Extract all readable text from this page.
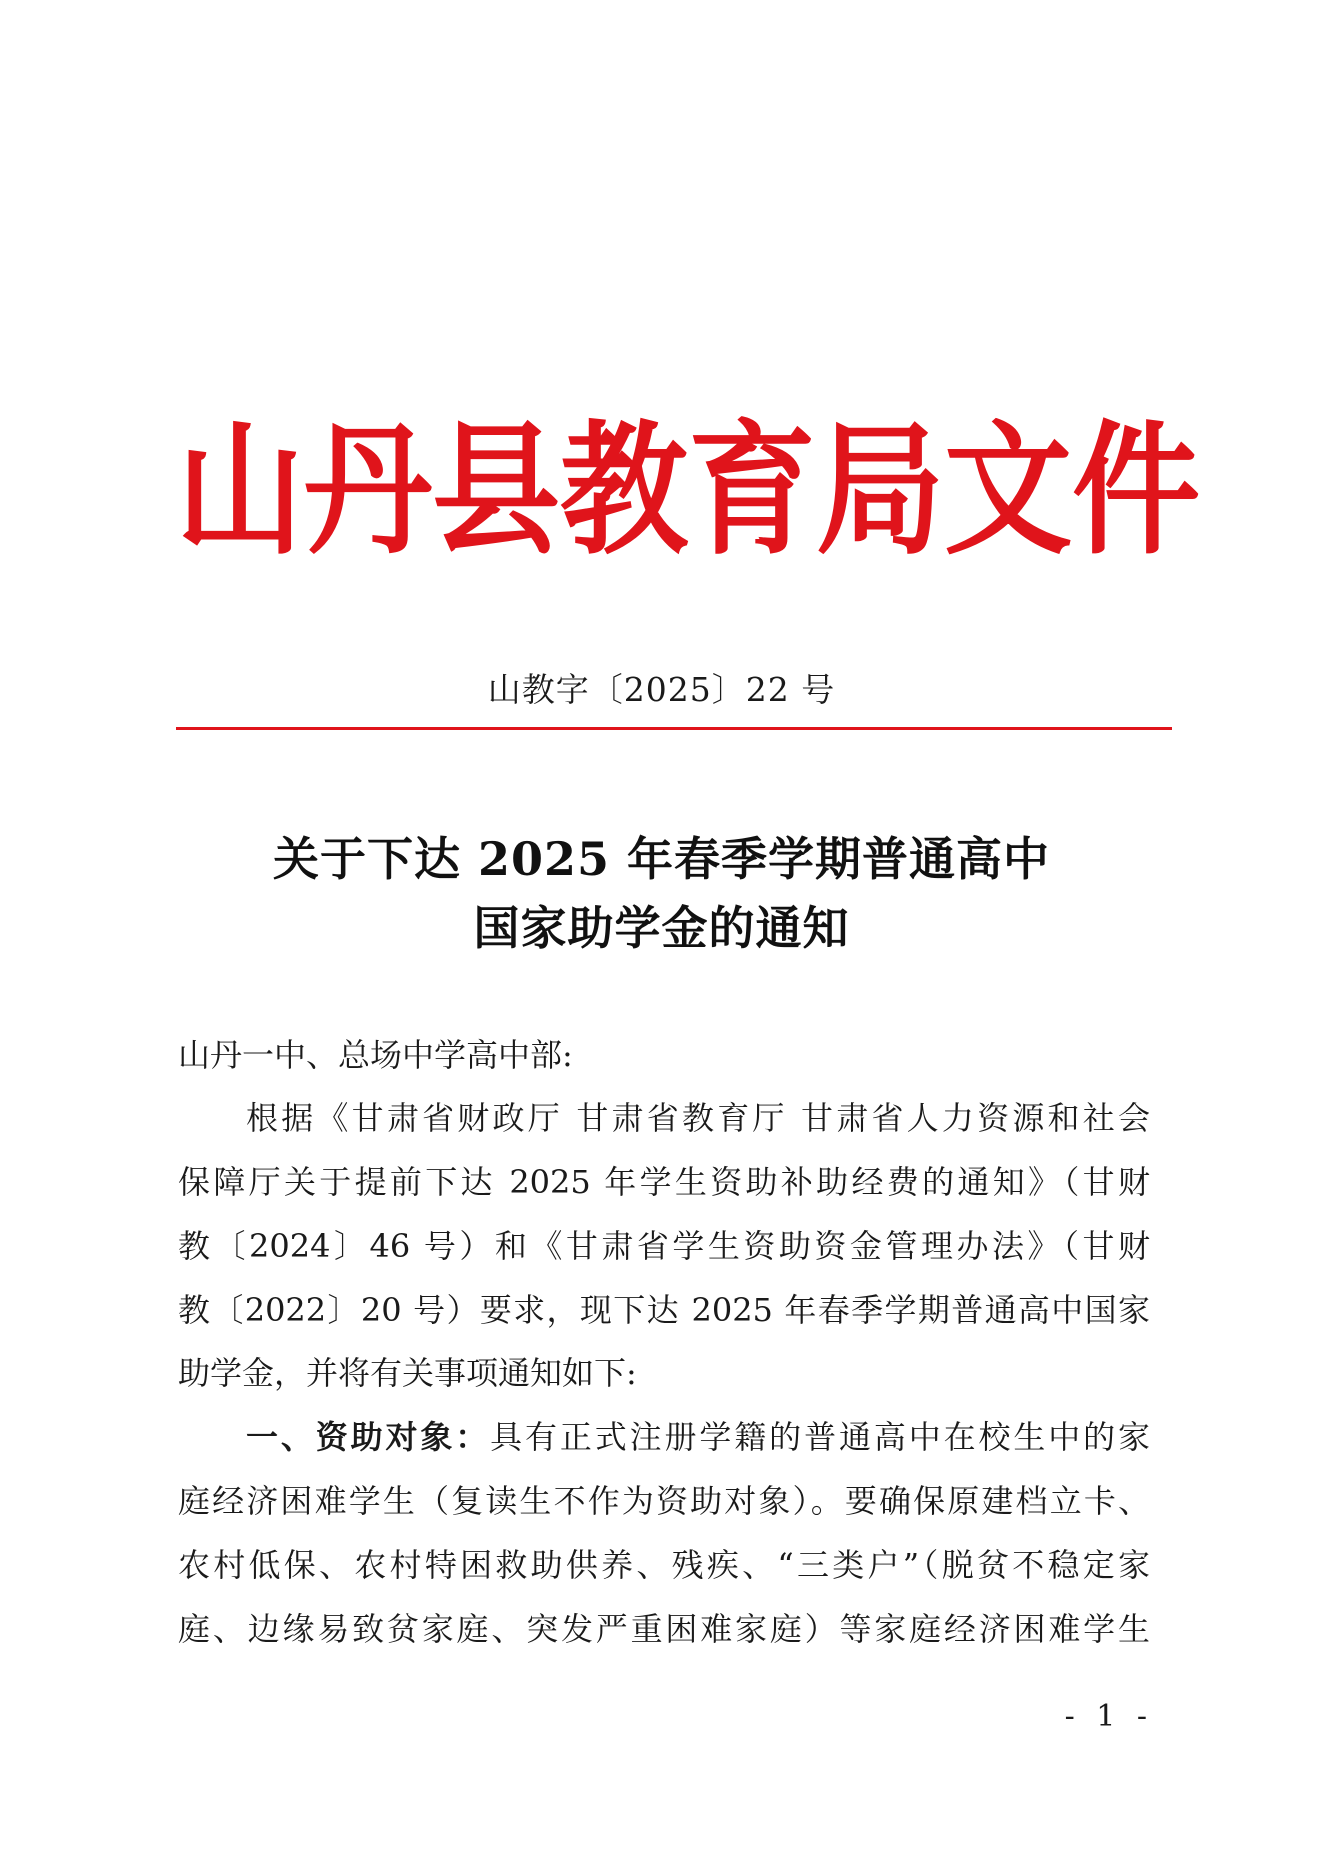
山 丹 县 教 育 局 文 件
山教字〔2025〕22 号
关于下达 2025 年春季学期普通高中
国家助学金的通知
山丹一中、总场中学高中部:
根据《甘肃省财政厅 甘肃省教育厅 甘肃省人力资源和社会
保障厅关于提前下达 2025 年学生资助补助经费的通知》（甘财
教〔2024〕46 号）和《甘肃省学生资助资金管理办法》（甘财
教〔2022〕20 号）要求，现下达 2025 年春季学期普通高中国家
助学金，并将有关事项通知如下:
一、资助对象：具有正式注册学籍的普通高中在校生中的家
庭经济困难学生（复读生不作为资助对象）。要确保原建档立卡、
农村低保、农村特困救助供养、残疾、“三类户”（脱贫不稳定家
庭、边缘易致贫家庭、突发严重困难家庭）等家庭经济困难学生
- 1 -
